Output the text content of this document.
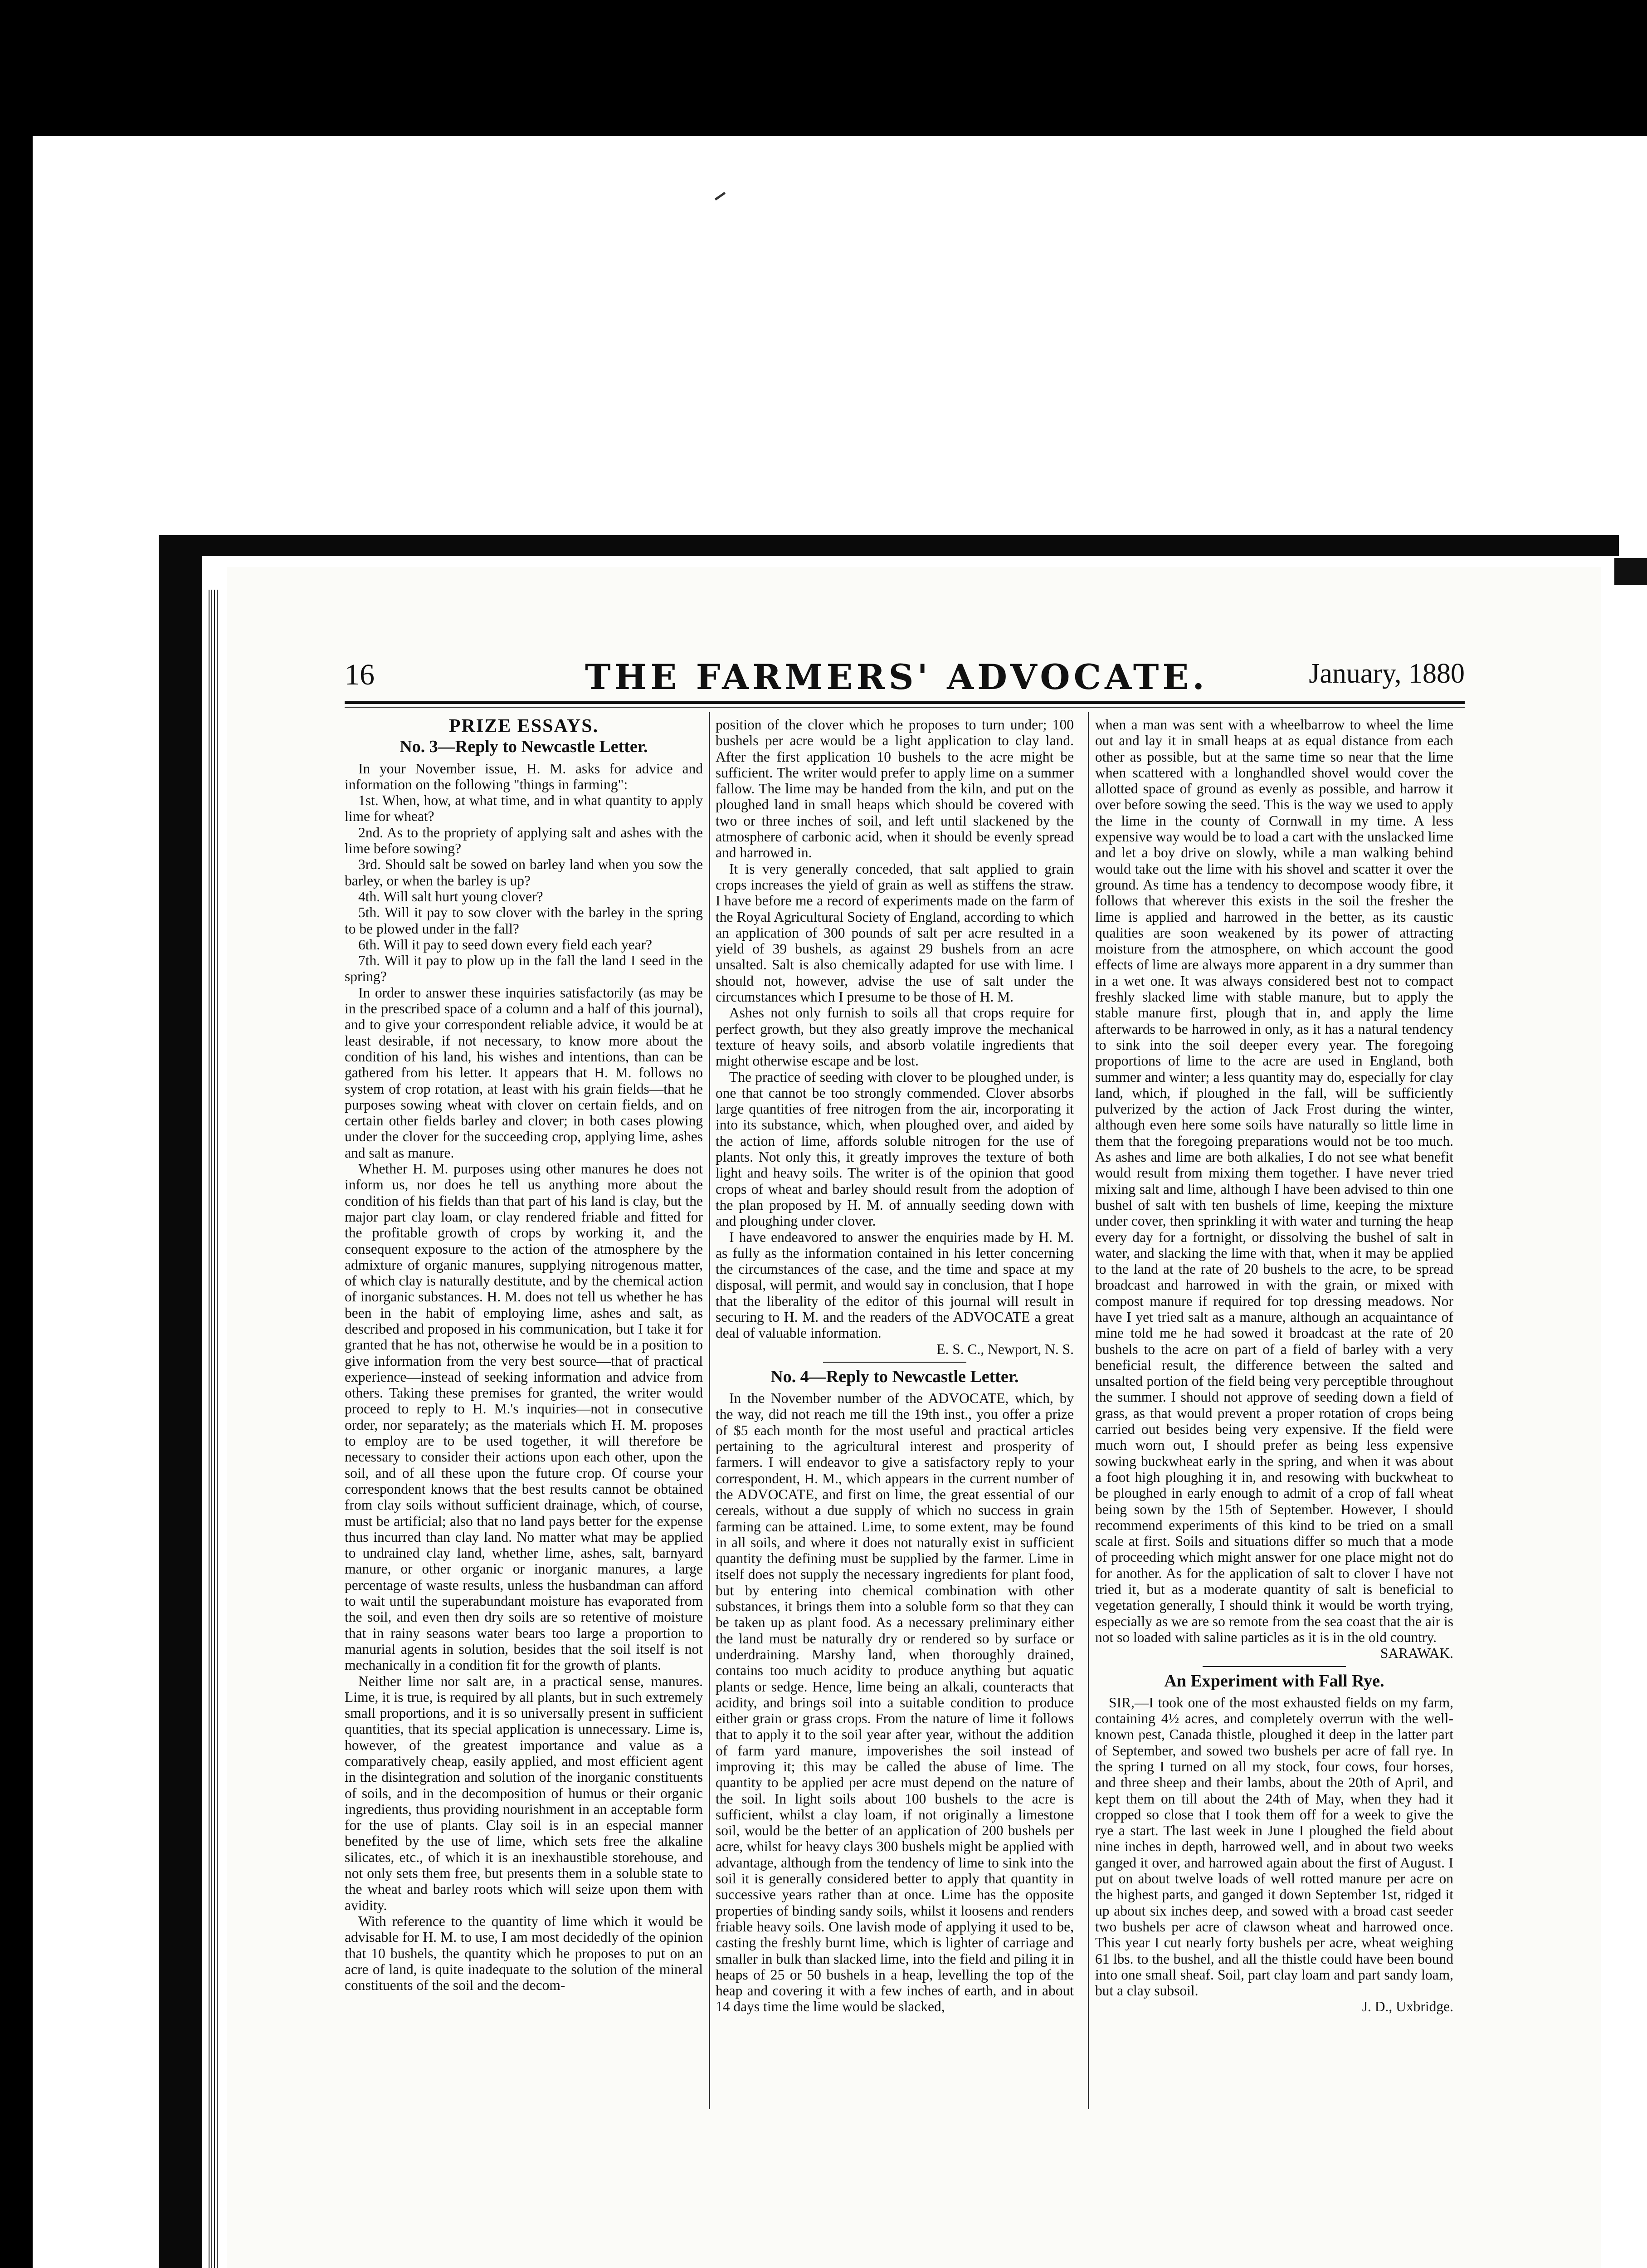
16	THE FARMERS' ADVOCATE.	January, 1880
PRIZE ESSAYS.
No. 3—Reply to Newcastle Letter.

In your November issue, H. M. asks for advice and information on the following "things in farming":

1st. When, how, at what time, and in what quantity to apply lime for wheat?

2nd. As to the propriety of applying salt and ashes with the lime before sowing?

3rd. Should salt be sowed on barley land when you sow the barley, or when the barley is up?

4th. Will salt hurt young clover?

5th. Will it pay to sow clover with the barley in the spring to be plowed under in the fall?

6th. Will it pay to seed down every field each year?

7th. Will it pay to plow up in the fall the land I seed in the spring?

In order to answer these inquiries satisfactorily (as may be in the prescribed space of a column and a half of this journal), and to give your correspondent reliable advice, it would be at least desirable, if not necessary, to know more about the condition of his land, his wishes and intentions, than can be gathered from his letter. It appears that H. M. follows no system of crop rotation, at least with his grain fields—that he purposes sowing wheat with clover on certain fields, and on certain other fields barley and clover; in both cases plowing under the clover for the succeeding crop, applying lime, ashes and salt as manure.

Whether H. M. purposes using other manures he does not inform us, nor does he tell us anything more about the condition of his fields than that part of his land is clay, but the major part clay loam, or clay rendered friable and fitted for the profitable growth of crops by working it, and the consequent exposure to the action of the atmosphere by the admixture of organic manures, supplying nitrogenous matter, of which clay is naturally destitute, and by the chemical action of inorganic substances. H. M. does not tell us whether he has been in the habit of employing lime, ashes and salt, as described and proposed in his communication, but I take it for granted that he has not, otherwise he would be in a position to give information from the very best source—that of practical experience—instead of seeking information and advice from others. Taking these premises for granted, the writer would proceed to reply to H. M.'s inquiries—not in consecutive order, nor separately; as the materials which H. M. proposes to employ are to be used together, it will therefore be necessary to consider their actions upon each other, upon the soil, and of all these upon the future crop. Of course your correspondent knows that the best results cannot be obtained from clay soils without sufficient drainage, which, of course, must be artificial; also that no land pays better for the expense thus incurred than clay land. No matter what may be applied to undrained clay land, whether lime, ashes, salt, barnyard manure, or other organic or inorganic manures, a large percentage of waste results, unless the husbandman can afford to wait until the superabundant moisture has evaporated from the soil, and even then dry soils are so retentive of moisture that in rainy seasons water bears too large a proportion to manurial agents in solution, besides that the soil itself is not mechanically in a condition fit for the growth of plants.

Neither lime nor salt are, in a practical sense, manures. Lime, it is true, is required by all plants, but in such extremely small proportions, and it is so universally present in sufficient quantities, that its special application is unnecessary. Lime is, however, of the greatest importance and value as a comparatively cheap, easily applied, and most efficient agent in the disintegration and solution of the inorganic constituents of soils, and in the decomposition of humus or their organic ingredients, thus providing nourishment in an acceptable form for the use of plants. Clay soil is in an especial manner benefited by the use of lime, which sets free the alkaline silicates, etc., of which it is an inexhaustible storehouse, and not only sets them free, but presents them in a soluble state to the wheat and barley roots which will seize upon them with avidity.

With reference to the quantity of lime which it would be advisable for H. M. to use, I am most decidedly of the opinion that 10 bushels, the quantity which he proposes to put on an acre of land, is quite inadequate to the solution of the mineral constituents of the soil and the decom-

position of the clover which he proposes to turn under; 100 bushels per acre would be a light application to clay land. After the first application 10 bushels to the acre might be sufficient. The writer would prefer to apply lime on a summer fallow. The lime may be handed from the kiln, and put on the ploughed land in small heaps which should be covered with two or three inches of soil, and left until slackened by the atmosphere of carbonic acid, when it should be evenly spread and harrowed in.

It is very generally conceded, that salt applied to grain crops increases the yield of grain as well as stiffens the straw. I have before me a record of experiments made on the farm of the Royal Agricultural Society of England, according to which an application of 300 pounds of salt per acre resulted in a yield of 39 bushels, as against 29 bushels from an acre unsalted. Salt is also chemically adapted for use with lime. I should not, however, advise the use of salt under the circumstances which I presume to be those of H. M.

Ashes not only furnish to soils all that crops require for perfect growth, but they also greatly improve the mechanical texture of heavy soils, and absorb volatile ingredients that might otherwise escape and be lost.

The practice of seeding with clover to be ploughed under, is one that cannot be too strongly commended. Clover absorbs large quantities of free nitrogen from the air, incorporating it into its substance, which, when ploughed over, and aided by the action of lime, affords soluble nitrogen for the use of plants. Not only this, it greatly improves the texture of both light and heavy soils. The writer is of the opinion that good crops of wheat and barley should result from the adoption of the plan proposed by H. M. of annually seeding down with and ploughing under clover.

I have endeavored to answer the enquiries made by H. M. as fully as the information contained in his letter concerning the circumstances of the case, and the time and space at my disposal, will permit, and would say in conclusion, that I hope that the liberality of the editor of this journal will result in securing to H. M. and the readers of the ADVOCATE a great deal of valuable information.

E. S. C., Newport, N. S.

No. 4—Reply to Newcastle Letter.

In the November number of the ADVOCATE, which, by the way, did not reach me till the 19th inst., you offer a prize of $5 each month for the most useful and practical articles pertaining to the agricultural interest and prosperity of farmers. I will endeavor to give a satisfactory reply to your correspondent, H. M., which appears in the current number of the ADVOCATE, and first on lime, the great essential of our cereals, without a due supply of which no success in grain farming can be attained. Lime, to some extent, may be found in all soils, and where it does not naturally exist in sufficient quantity the defining must be supplied by the farmer. Lime in itself does not supply the necessary ingredients for plant food, but by entering into chemical combination with other substances, it brings them into a soluble form so that they can be taken up as plant food. As a necessary preliminary either the land must be naturally dry or rendered so by surface or underdraining. Marshy land, when thoroughly drained, contains too much acidity to produce anything but aquatic plants or sedge. Hence, lime being an alkali, counteracts that acidity, and brings soil into a suitable condition to produce either grain or grass crops. From the nature of lime it follows that to apply it to the soil year after year, without the addition of farm yard manure, impoverishes the soil instead of improving it; this may be called the abuse of lime. The quantity to be applied per acre must depend on the nature of the soil. In light soils about 100 bushels to the acre is sufficient, whilst a clay loam, if not originally a limestone soil, would be the better of an application of 200 bushels per acre, whilst for heavy clays 300 bushels might be applied with advantage, although from the tendency of lime to sink into the soil it is generally considered better to apply that quantity in successive years rather than at once. Lime has the opposite properties of binding sandy soils, whilst it loosens and renders friable heavy soils. One lavish mode of applying it used to be, casting the freshly burnt lime, which is lighter of carriage and smaller in bulk than slacked lime, into the field and piling it in heaps of 25 or 50 bushels in a heap, levelling the top of the heap and covering it with a few inches of earth, and in about 14 days time the lime would be slacked,

when a man was sent with a wheelbarrow to wheel the lime out and lay it in small heaps at as equal distance from each other as possible, but at the same time so near that the lime when scattered with a longhandled shovel would cover the allotted space of ground as evenly as possible, and harrow it over before sowing the seed. This is the way we used to apply the lime in the county of Cornwall in my time. A less expensive way would be to load a cart with the unslacked lime and let a boy drive on slowly, while a man walking behind would take out the lime with his shovel and scatter it over the ground. As time has a tendency to decompose woody fibre, it follows that wherever this exists in the soil the fresher the lime is applied and harrowed in the better, as its caustic qualities are soon weakened by its power of attracting moisture from the atmosphere, on which account the good effects of lime are always more apparent in a dry summer than in a wet one. It was always considered best not to compact freshly slacked lime with stable manure, but to apply the stable manure first, plough that in, and apply the lime afterwards to be harrowed in only, as it has a natural tendency to sink into the soil deeper every year. The foregoing proportions of lime to the acre are used in England, both summer and winter; a less quantity may do, especially for clay land, which, if ploughed in the fall, will be sufficiently pulverized by the action of Jack Frost during the winter, although even here some soils have naturally so little lime in them that the foregoing preparations would not be too much. As ashes and lime are both alkalies, I do not see what benefit would result from mixing them together. I have never tried mixing salt and lime, although I have been advised to thin one bushel of salt with ten bushels of lime, keeping the mixture under cover, then sprinkling it with water and turning the heap every day for a fortnight, or dissolving the bushel of salt in water, and slacking the lime with that, when it may be applied to the land at the rate of 20 bushels to the acre, to be spread broadcast and harrowed in with the grain, or mixed with compost manure if required for top dressing meadows. Nor have I yet tried salt as a manure, although an acquaintance of mine told me he had sowed it broadcast at the rate of 20 bushels to the acre on part of a field of barley with a very beneficial result, the difference between the salted and unsalted portion of the field being very perceptible throughout the summer. I should not approve of seeding down a field of grass, as that would prevent a proper rotation of crops being carried out besides being very expensive. If the field were much worn out, I should prefer as being less expensive sowing buckwheat early in the spring, and when it was about a foot high ploughing it in, and resowing with buckwheat to be ploughed in early enough to admit of a crop of fall wheat being sown by the 15th of September. However, I should recommend experiments of this kind to be tried on a small scale at first. Soils and situations differ so much that a mode of proceeding which might answer for one place might not do for another. As for the application of salt to clover I have not tried it, but as a moderate quantity of salt is beneficial to vegetation generally, I should think it would be worth trying, especially as we are so remote from the sea coast that the air is not so loaded with saline particles as it is in the old country.

SARAWAK.

An Experiment with Fall Rye.

SIR,—I took one of the most exhausted fields on my farm, containing 4½ acres, and completely overrun with the well-known pest, Canada thistle, ploughed it deep in the latter part of September, and sowed two bushels per acre of fall rye. In the spring I turned on all my stock, four cows, four horses, and three sheep and their lambs, about the 20th of April, and kept them on till about the 24th of May, when they had it cropped so close that I took them off for a week to give the rye a start. The last week in June I ploughed the field about nine inches in depth, harrowed well, and in about two weeks ganged it over, and harrowed again about the first of August. I put on about twelve loads of well rotted manure per acre on the highest parts, and ganged it down September 1st, ridged it up about six inches deep, and sowed with a broad cast seeder two bushels per acre of clawson wheat and harrowed once. This year I cut nearly forty bushels per acre, wheat weighing 61 lbs. to the bushel, and all the thistle could have been bound into one small sheaf. Soil, part clay loam and part sandy loam, but a clay subsoil.

J. D., Uxbridge.
